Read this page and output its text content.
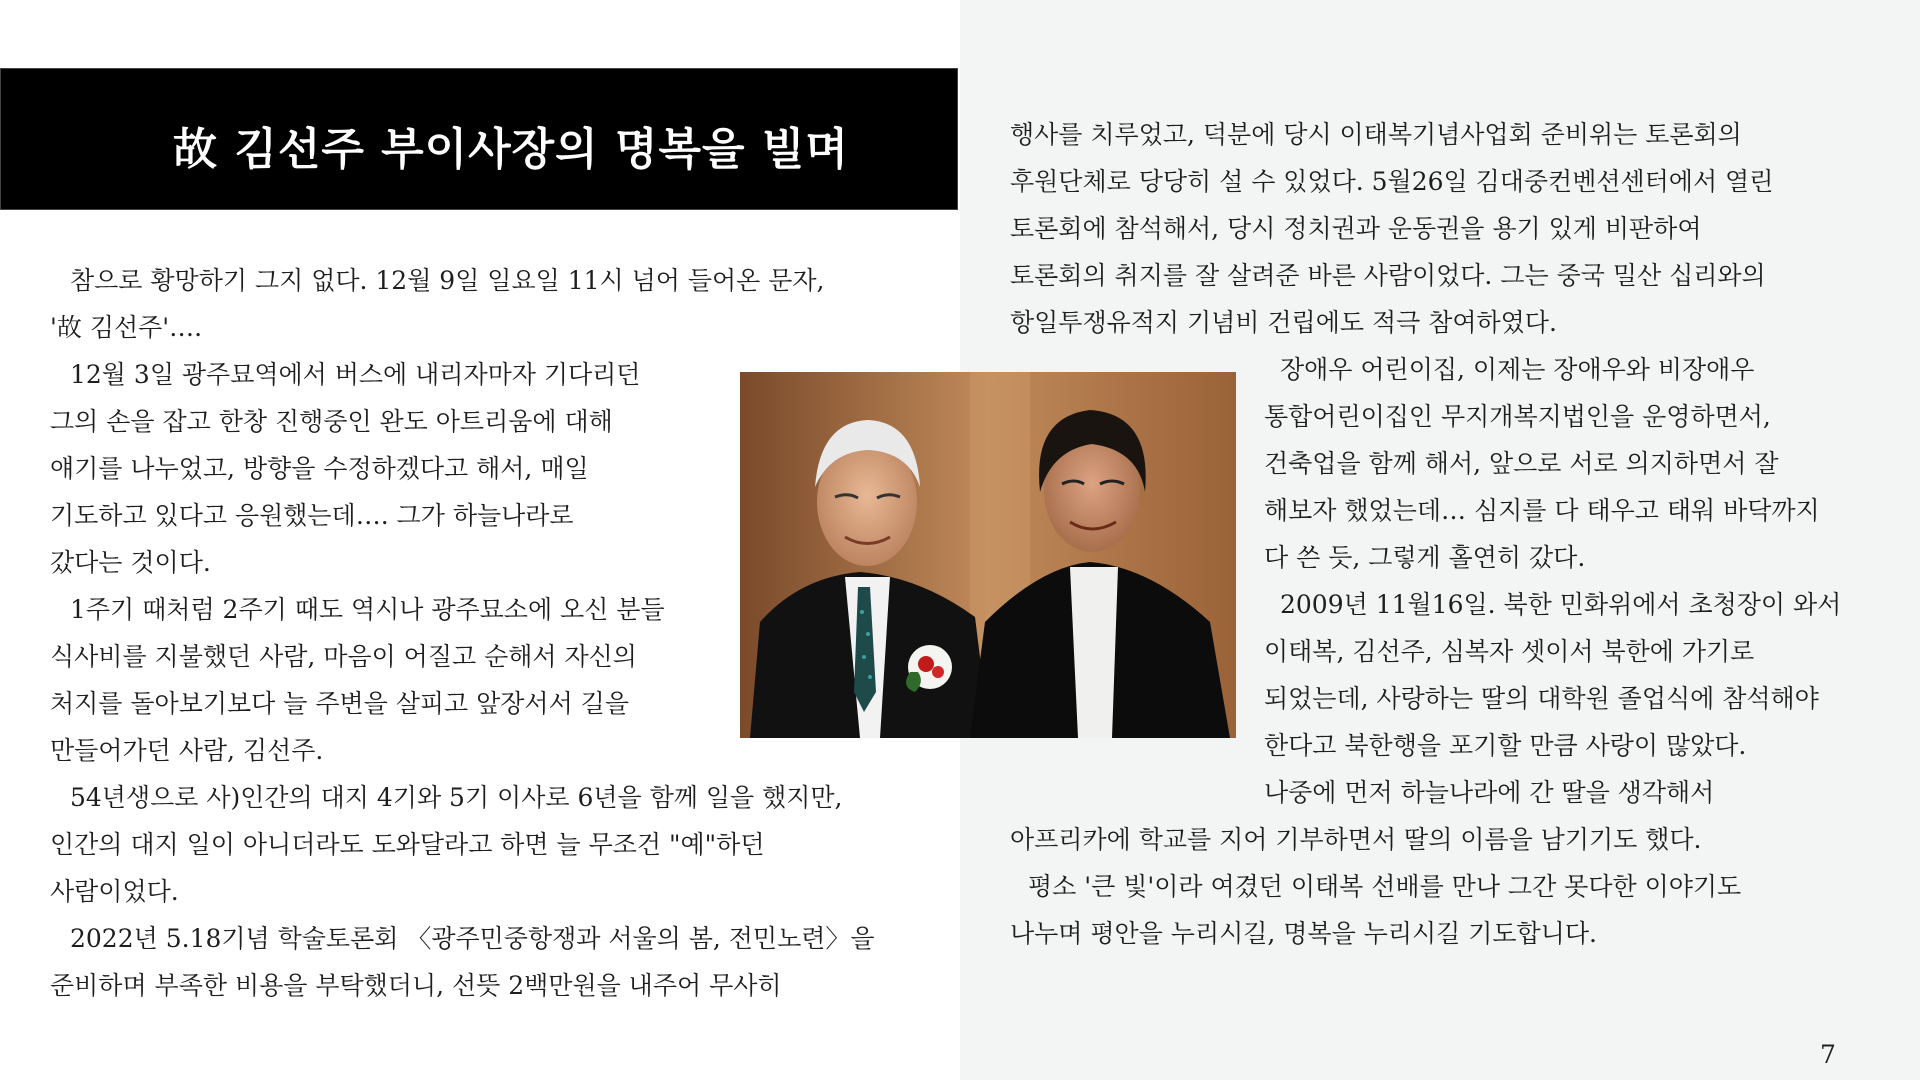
故 김선주 부이사장의 명복을 빌며
참으로 황망하기 그지 없다. 12월 9일 일요일 11시 넘어 들어온 문자,
'故 김선주'….
12월 3일 광주묘역에서 버스에 내리자마자 기다리던
그의 손을 잡고 한창 진행중인 완도 아트리움에 대해
얘기를 나누었고, 방향을 수정하겠다고 해서, 매일
기도하고 있다고 응원했는데…. 그가 하늘나라로
갔다는 것이다.
1주기 때처럼 2주기 때도 역시나 광주묘소에 오신 분들
식사비를 지불했던 사람, 마음이 어질고 순해서 자신의
처지를 돌아보기보다 늘 주변을 살피고 앞장서서 길을
만들어가던 사람, 김선주.
54년생으로 사)인간의 대지 4기와 5기 이사로 6년을 함께 일을 했지만,
인간의 대지 일이 아니더라도 도와달라고 하면 늘 무조건 "예"하던
사람이었다.
2022년 5.18기념 학술토론회 〈광주민중항쟁과 서울의 봄, 전민노련〉을
준비하며 부족한 비용을 부탁했더니, 선뜻 2백만원을 내주어 무사히
행사를 치루었고, 덕분에 당시 이태복기념사업회 준비위는 토론회의
후원단체로 당당히 설 수 있었다. 5월26일 김대중컨벤션센터에서 열린
토론회에 참석해서, 당시 정치권과 운동권을 용기 있게 비판하여
토론회의 취지를 잘 살려준 바른 사람이었다. 그는 중국 밀산 십리와의
항일투쟁유적지 기념비 건립에도 적극 참여하였다.
장애우 어린이집, 이제는 장애우와 비장애우
통합어린이집인 무지개복지법인을 운영하면서,
건축업을 함께 해서, 앞으로 서로 의지하면서 잘
해보자 했었는데… 심지를 다 태우고 태워 바닥까지
다 쓴 듯, 그렇게 홀연히 갔다.
2009년 11월16일. 북한 민화위에서 초청장이 와서
이태복, 김선주, 심복자 셋이서 북한에 가기로
되었는데, 사랑하는 딸의 대학원 졸업식에 참석해야
한다고 북한행을 포기할 만큼 사랑이 많았다.
나중에 먼저 하늘나라에 간 딸을 생각해서
아프리카에 학교를 지어 기부하면서 딸의 이름을 남기기도 했다.
평소 '큰 빛'이라 여겼던 이태복 선배를 만나 그간 못다한 이야기도
나누며 평안을 누리시길, 명복을 누리시길 기도합니다.
7
